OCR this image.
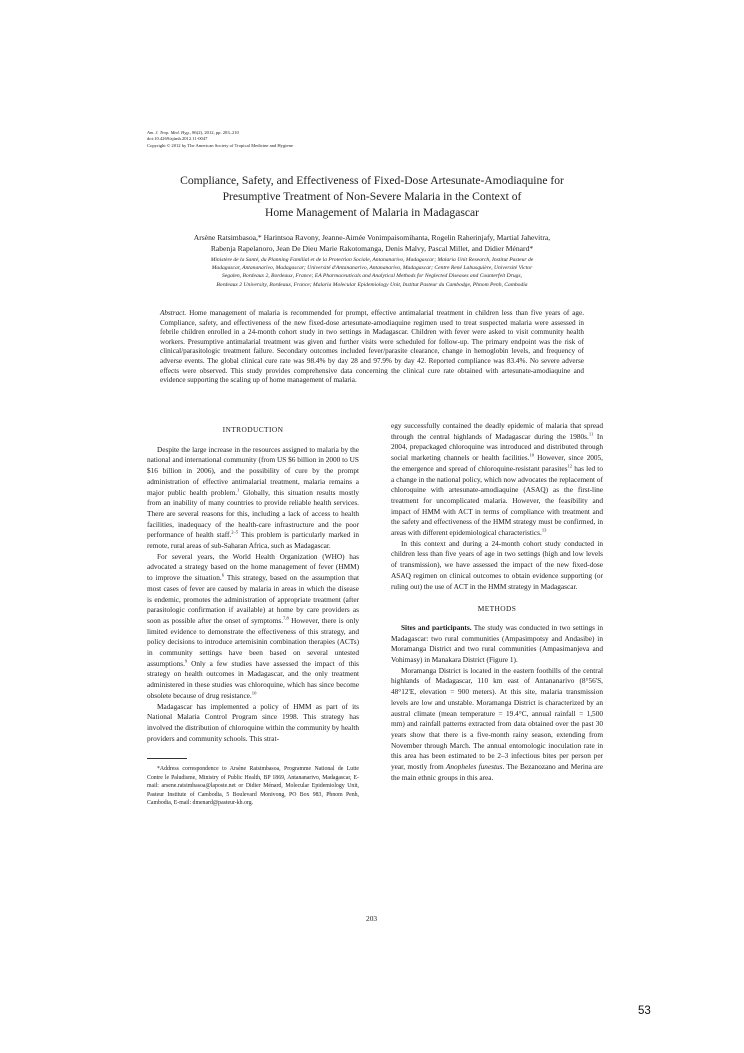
Am. J. Trop. Med. Hyg., 86(2), 2012, pp. 203–210
doi:10.4269/ajtmh.2012.11-0047
Copyright © 2012 by The American Society of Tropical Medicine and Hygiene
Compliance, Safety, and Effectiveness of Fixed-Dose Artesunate-Amodiaquine for
Presumptive Treatment of Non-Severe Malaria in the Context of
Home Management of Malaria in Madagascar
Arsène Ratsimbasoa,* Harintsoa Ravony, Jeanne-Aimée Vonimpaisomihanta, Rogelin Raherinjafy, Martial Jahevitra,
Rabenja Rapelanoro, Jean De Dieu Marie Rakotomanga, Denis Malvy, Pascal Millet, and Didier Ménard*
Ministère de la Santé, du Planning Familial et de la Protection Sociale, Antananarivo, Madagascar; Malaria Unit Research, Institut Pasteur de
Madagascar, Antananarivo, Madagascar; Université d'Antananarivo, Antananarivo, Madagascar; Centre René Labusquière, Université Victor
Segalen, Bordeaux 2, Bordeaux, France; EA Pharmaceuticals and Analytical Methods for Neglected Diseases and Counterfeit Drugs,
Bordeaux 2 University, Bordeaux, France; Malaria Molecular Epidemiology Unit, Institut Pasteur du Cambodge, Phnom Penh, Cambodia
Abstract. Home management of malaria is recommended for prompt, effective antimalarial treatment in children less than five years of age. Compliance, safety, and effectiveness of the new fixed-dose artesunate-amodiaquine regimen used to treat suspected malaria were assessed in febrile children enrolled in a 24-month cohort study in two settings in Madagascar. Children with fever were asked to visit community health workers. Presumptive antimalarial treatment was given and further visits were scheduled for follow-up. The primary endpoint was the risk of clinical/parasitologic treatment failure. Secondary outcomes included fever/parasite clearance, change in hemoglobin levels, and frequency of adverse events. The global clinical cure rate was 98.4% by day 28 and 97.9% by day 42. Reported compliance was 83.4%. No severe adverse effects were observed. This study provides comprehensive data concerning the clinical cure rate obtained with artesunate-amodiaquine and evidence supporting the scaling up of home management of malaria.
INTRODUCTION

Despite the large increase in the resources assigned to malaria by the national and international community (from US $6 billion in 2000 to US $16 billion in 2006), and the possibility of cure by the prompt administration of effective antimalarial treatment, malaria remains a major public health problem.$^1$ Globally, this situation results mostly from an inability of many countries to provide reliable health services. There are several reasons for this, including a lack of access to health facilities, inadequacy of the health-care infrastructure and the poor performance of health staff.$^{2-5}$ This problem is particularly marked in remote, rural areas of sub-Saharan Africa, such as Madagascar.

For several years, the World Health Organization (WHO) has advocated a strategy based on the home management of fever (HMM) to improve the situation.$^6$ This strategy, based on the assumption that most cases of fever are caused by malaria in areas in which the disease is endemic, promotes the administration of appropriate treatment (after parasitologic confirmation if available) at home by care providers as soon as possible after the onset of symptoms.$^{7,8}$ However, there is only limited evidence to demonstrate the effectiveness of this strategy, and policy decisions to introduce artemisinin combination therapies (ACTs) in community settings have been based on several untested assumptions.$^9$ Only a few studies have assessed the impact of this strategy on health outcomes in Madagascar, and the only treatment administered in these studies was chloroquine, which has since become obsolete because of drug resistance.$^{10}$

Madagascar has implemented a policy of HMM as part of its National Malaria Control Program since 1998. This strategy has involved the distribution of chloroquine within the community by health providers and community schools. This strat-

*Address correspondence to Arsène Ratsimbasoa, Programme National de Lutte Contre le Paludisme, Ministry of Public Health, BP 1869, Antananarivo, Madagascar, E-mail: arsene.ratsimbasoa@laposte.net or Didier Ménard, Molecular Epidemiology Unit, Pasteur Institute of Cambodia, 5 Boulevard Monivong, PO Box 983, Phnom Penh, Cambodia, E-mail: dmenard@pasteur-kh.org.

egy successfully contained the deadly epidemic of malaria that spread through the central highlands of Madagascar during the 1980s.$^{11}$ In 2004, prepackaged chloroquine was introduced and distributed through social marketing channels or health facilities.$^{10}$ However, since 2005, the emergence and spread of chloroquine-resistant parasites$^{12}$ has led to a change in the national policy, which now advocates the replacement of chloroquine with artesunate-amodiaquine (ASAQ) as the first-line treatment for uncomplicated malaria. However, the feasibility and impact of HMM with ACT in terms of compliance with treatment and the safety and effectiveness of the HMM strategy must be confirmed, in areas with different epidemiological characteristics.$^{13}$

In this context and during a 24-month cohort study conducted in children less than five years of age in two settings (high and low levels of transmission), we have assessed the impact of the new fixed-dose ASAQ regimen on clinical outcomes to obtain evidence supporting (or ruling out) the use of ACT in the HMM strategy in Madagascar.

METHODS

Sites and participants. The study was conducted in two settings in Madagascar: two rural communities (Ampasimpotsy and Andasibe) in Moramanga District and two rural communities (Ampasimanjeva and Vohimasy) in Manakara District (Figure 1).

Moramanga District is located in the eastern foothills of the central highlands of Madagascar, 110 km east of Antananarivo (8°56'S, 48°12'E, elevation = 900 meters). At this site, malaria transmission levels are low and unstable. Moramanga District is characterized by an austral climate (mean temperature = 19.4°C, annual rainfall = 1,500 mm) and rainfall patterns extracted from data obtained over the past 30 years show that there is a five-month rainy season, extending from November through March. The annual entomologic inoculation rate in this area has been estimated to be 2–3 infectious bites per person per year, mostly from Anopheles funestus. The Bezanozano and Merina are the main ethnic groups in this area.

203
53
